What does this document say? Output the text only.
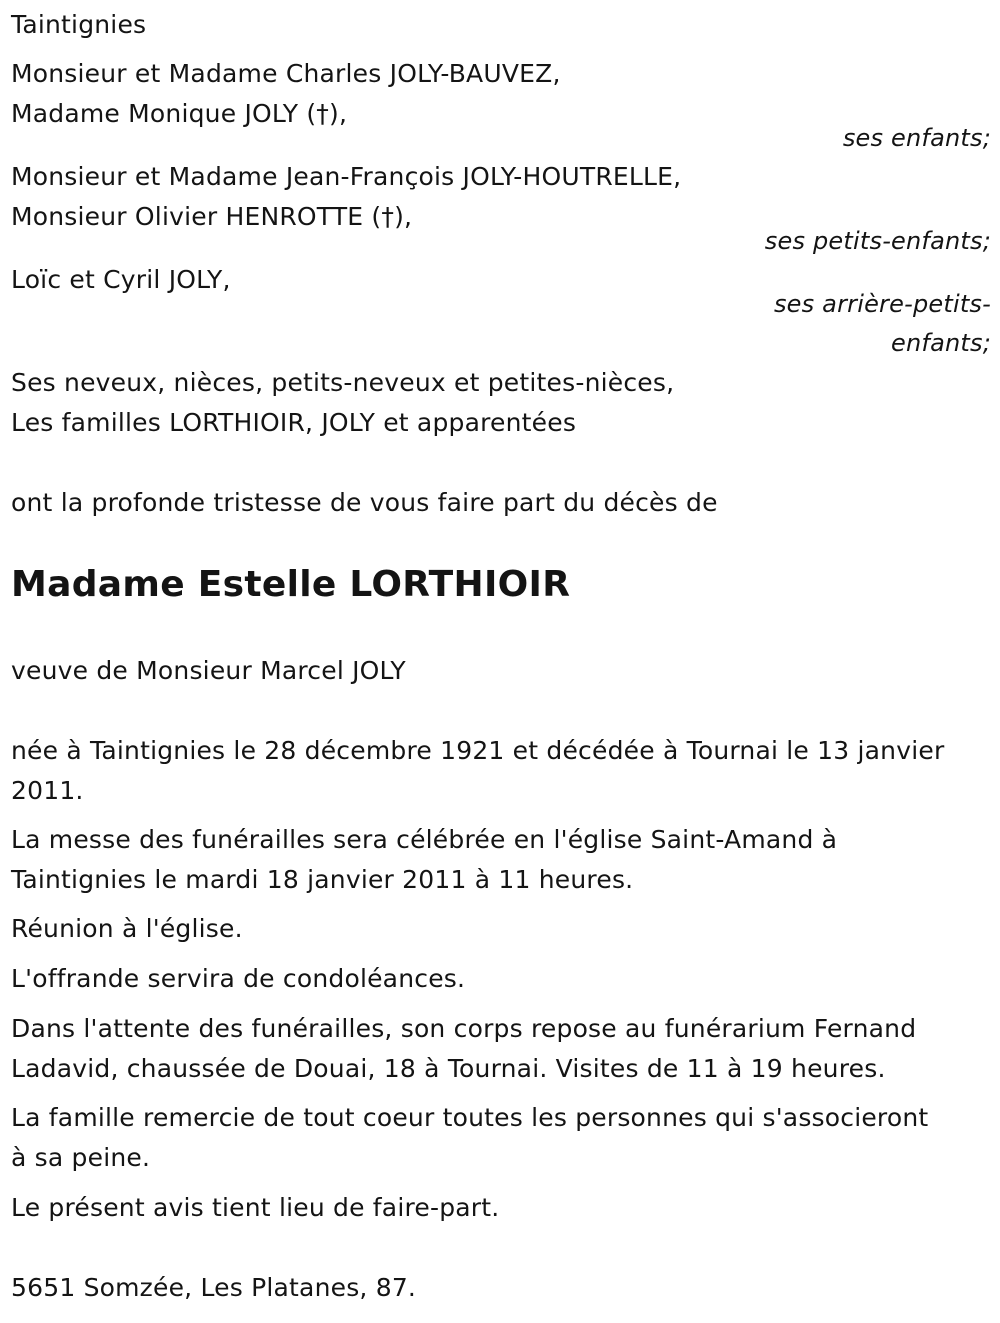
Taintignies
Monsieur et Madame Charles JOLY-BAUVEZ,
Madame Monique JOLY (†),
ses enfants;
Monsieur et Madame Jean-François JOLY-HOUTRELLE,
Monsieur Olivier HENROTTE (†),
ses petits-enfants;
Loïc et Cyril JOLY,
ses arrière-petits-
enfants;
Ses neveux, nièces, petits-neveux et petites-nièces,
Les familles LORTHIOIR, JOLY et apparentées
ont la profonde tristesse de vous faire part du décès de
Madame Estelle LORTHIOIR
veuve de Monsieur Marcel JOLY
née à Taintignies le 28 décembre 1921 et décédée à Tournai le 13 janvier
2011.
La messe des funérailles sera célébrée en l'église Saint-Amand à
Taintignies le mardi 18 janvier 2011 à 11 heures.
Réunion à l'église.
L'offrande servira de condoléances.
Dans l'attente des funérailles, son corps repose au funérarium Fernand
Ladavid, chaussée de Douai, 18 à Tournai. Visites de 11 à 19 heures.
La famille remercie de tout coeur toutes les personnes qui s'associeront
à sa peine.
Le présent avis tient lieu de faire-part.
5651 Somzée, Les Platanes, 87.
